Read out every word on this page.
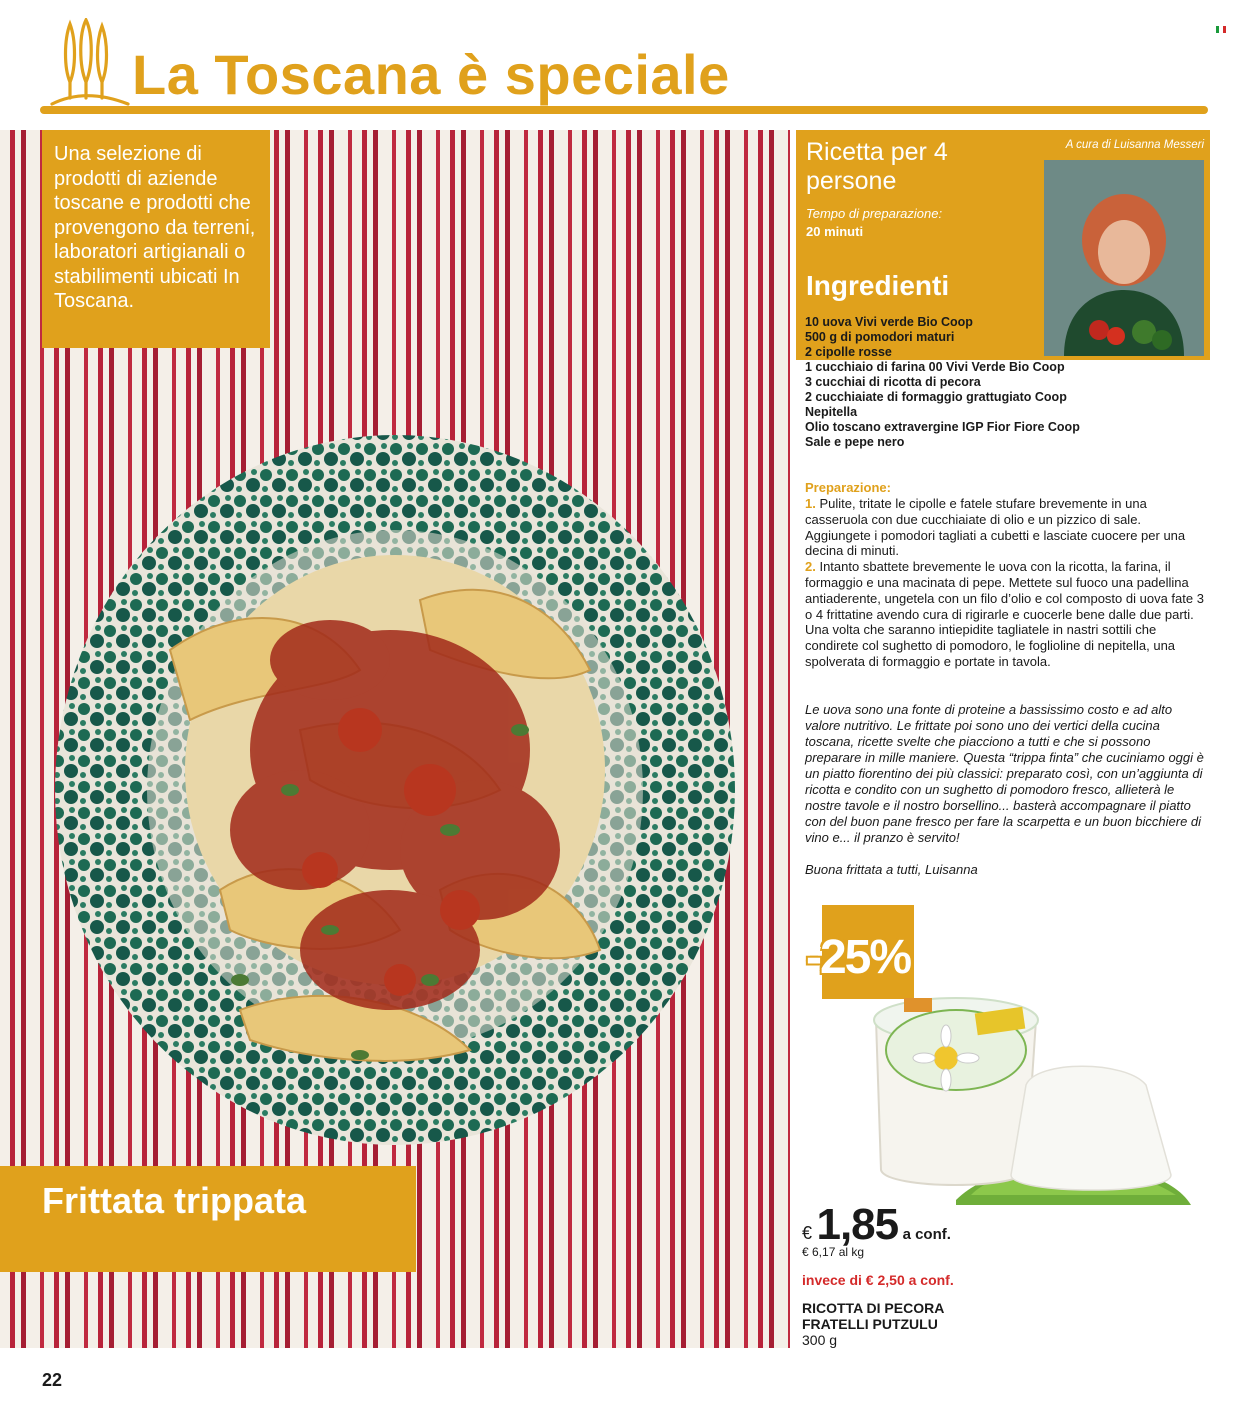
La Toscana è speciale

Una selezione di prodotti di aziende toscane e prodotti che provengono da terreni, laboratori artigianali o stabilimenti ubicati In Toscana.

Frittata trippata
Ricetta per 4 persone
Tempo di preparazione:
20 minuti
Ingredienti
A cura di Luisanna Messeri
10 uova Vivi verde Bio Coop
500 g di pomodori maturi
2 cipolle rosse
1 cucchiaio di farina 00 Vivi Verde Bio Coop
3 cucchiai di ricotta di pecora
2 cucchiaiate di formaggio grattugiato Coop
Nepitella
Olio toscano extravergine IGP Fior Fiore Coop
Sale e pepe nero
Preparazione:
1. Pulite, tritate le cipolle e fatele stufare brevemente in una casseruola con due cucchiaiate di olio e un pizzico di sale. Aggiungete i pomodori tagliati a cubetti e lasciate cuocere per una decina di minuti.
2. Intanto sbattete brevemente le uova con la ricotta, la farina, il formaggio e una macinata di pepe. Mettete sul fuoco una padellina antiaderente, ungetela con un filo d’olio e col composto di uova fate 3 o 4 frittatine avendo cura di rigirarle e cuocerle bene dalle due parti. Una volta che saranno intiepidite tagliatele in nastri sottili che condirete col sughetto di pomodoro, le foglioline di nepitella, una spolverata di formaggio e portate in tavola.
Le uova sono una fonte di proteine a bassissimo costo e ad alto valore nutritivo. Le frittate poi sono uno dei vertici della cucina toscana, ricette svelte che piacciono a tutti e che si possono preparare in mille maniere. Questa “trippa finta” che cuciniamo oggi è un piatto fiorentino dei più classici: preparato così, con un’aggiunta di ricotta e condito con un sughetto di pomodoro fresco, allieterà le nostre tavole e il nostro borsellino... basterà accompagnare il piatto con del buon pane fresco per fare la scarpetta e un buon bicchiere di vino e... il pranzo è servito!
Buona frittata a tutti, Luisanna
-25%
€ 1,85 a conf.
€ 6,17 al kg
invece di € 2,50 a conf.
RICOTTA DI PECORA
FRATELLI PUTZULU
300 g
22
